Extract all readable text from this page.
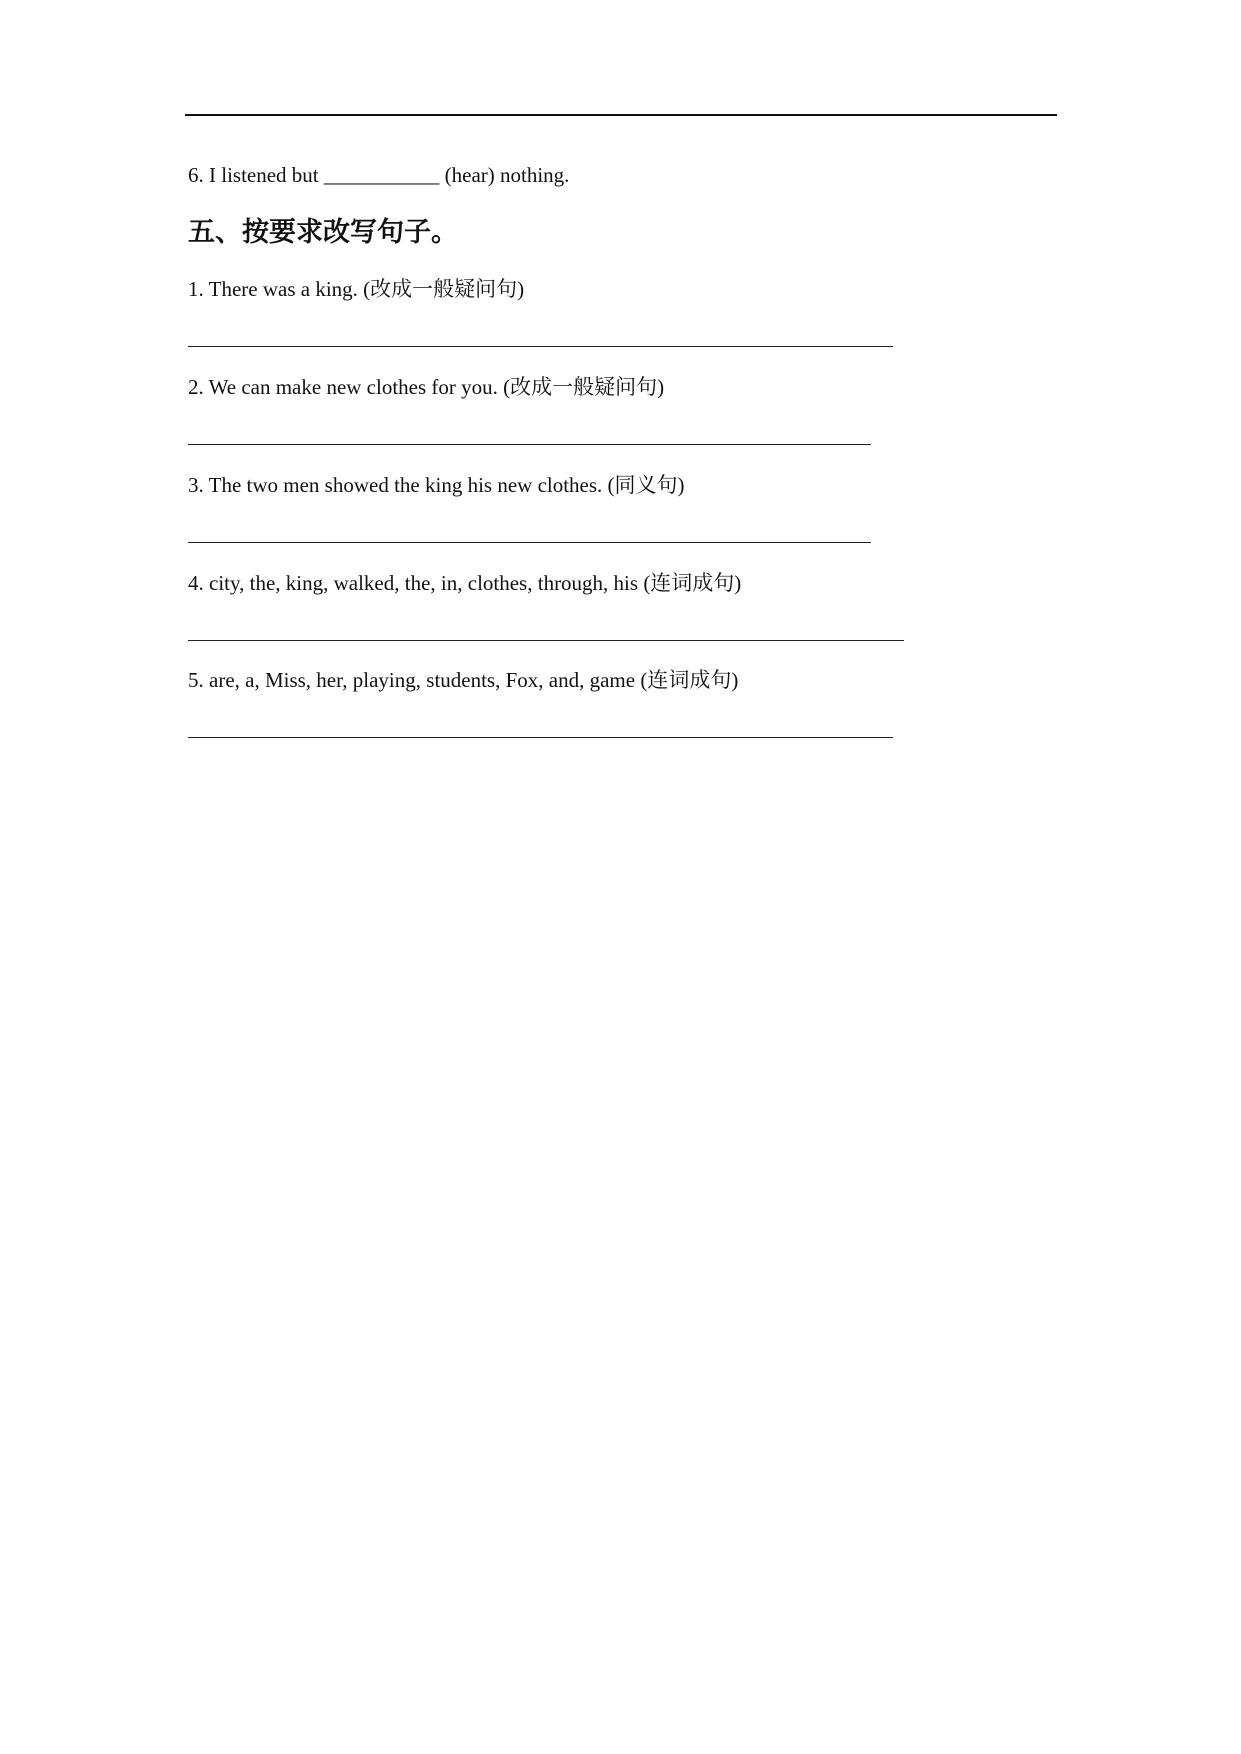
6. I listened but ___________ (hear) nothing.
五、按要求改写句子。
1. There was a king. (改成一般疑问句)
2. We can make new clothes for you. (改成一般疑问句)
3. The two men showed the king his new clothes. (同义句)
4. city, the, king, walked, the, in, clothes, through, his (连词成句)
5. are, a, Miss, her, playing, students, Fox, and, game (连词成句)
